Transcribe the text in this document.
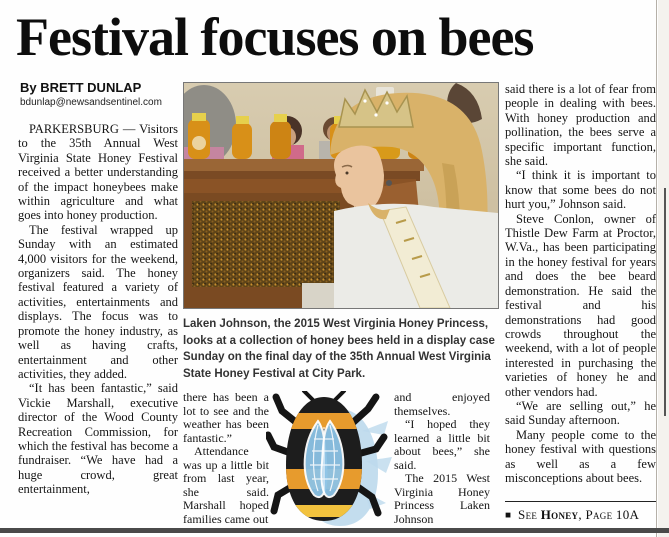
Festival focuses on bees
By BRETT DUNLAP
bdunlap@newsandsentinel.com

PARKERSBURG — Visitors to the 35th Annual West Virginia State Honey Festival received a better understanding of the impact honeybees make within agriculture and what goes into honey production.

The festival wrapped up Sunday with an estimated 4,000 visitors for the weekend, organizers said. The honey festival featured a variety of activities, entertainments and displays. The focus was to promote the honey industry, as well as having crafts, entertainment and other activities, they added.

“It has been fantastic,” said Vickie Marshall, executive director of the Wood County Recreation Commission, for which the festival has become a fundraiser. “We have had a huge crowd, great entertainment,

Laken Johnson, the 2015 West Virginia Honey Princess, looks at a collection of honey bees held in a display case Sunday on the final day of the 35th Annual West Virginia State Honey Festival at City Park.

there has been a lot to see and the weather has been fantastic.”

Attendance was up a little bit from last year, she said. Marshall hoped families came out

and enjoyed themselves.

“I hoped they learned a little bit about bees,” she said.

The 2015 West Virginia Honey Princess Laken Johnson

said there is a lot of fear from people in dealing with bees. With honey production and pollination, the bees serve a specific important function, she said.

“I think it is important to know that some bees do not hurt you,” Johnson said.

Steve Conlon, owner of Thistle Dew Farm at Proctor, W.Va., has been participating in the honey festival for years and does the bee beard demonstration. He said the festival and his demonstrations had good crowds throughout the weekend, with a lot of people interested in purchasing the varieties of honey he and other vendors had.

“We are selling out,” he said Sunday afternoon.

Many people come to the honey festival with questions as well as a few misconceptions about bees.

■ See Honey, Page 10A
